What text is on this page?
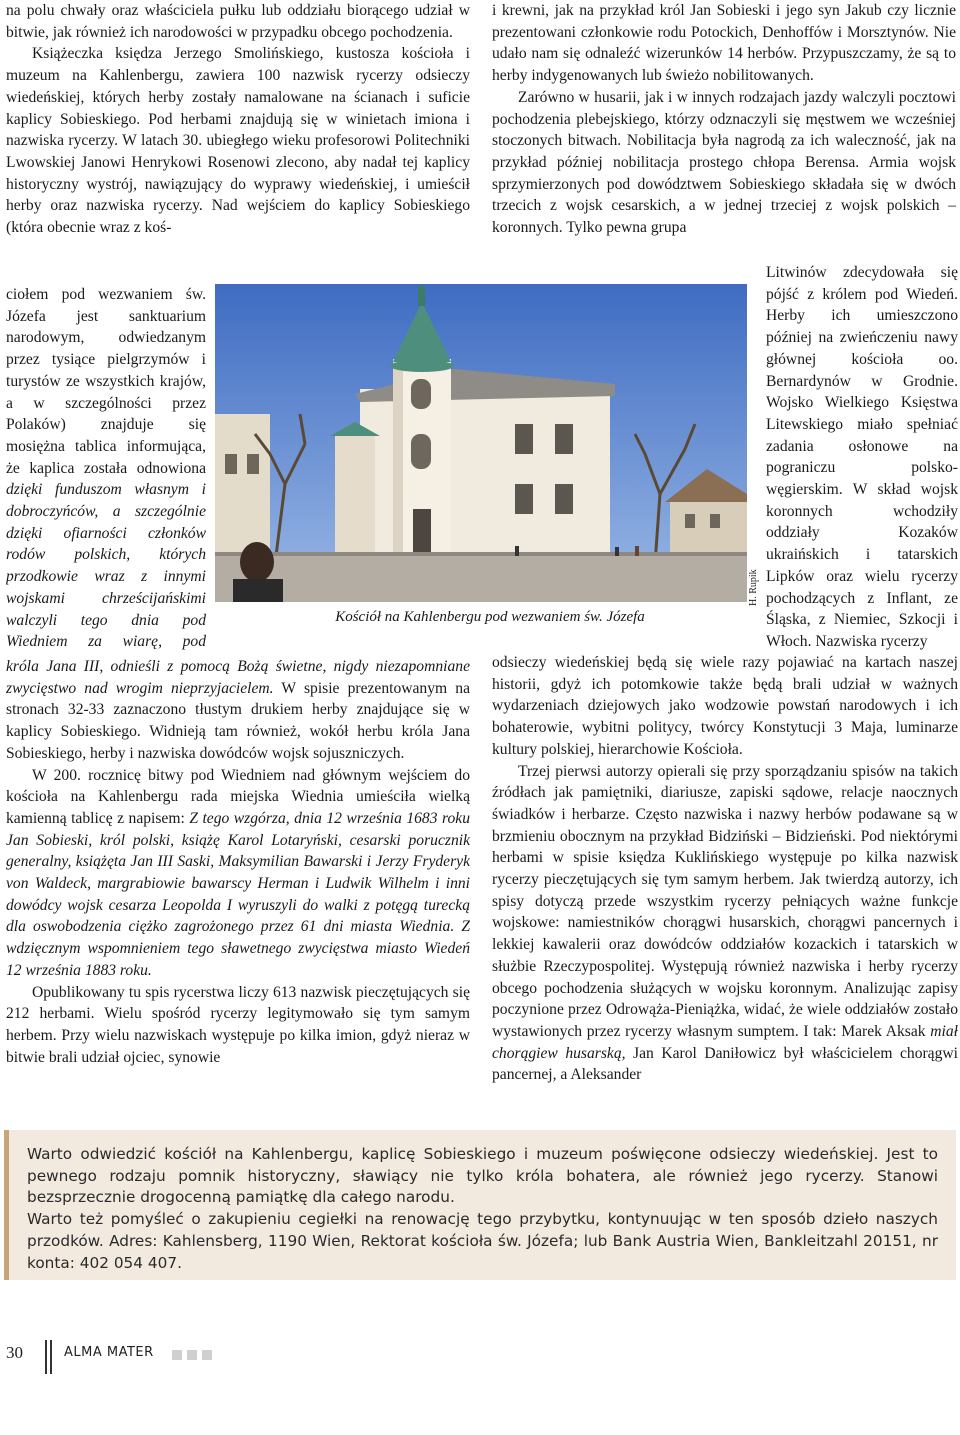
na polu chwały oraz właściciela pułku lub oddziału biorącego udział w bitwie, jak również ich narodowości w przypadku obcego pochodzenia.

Książeczka księdza Jerzego Smolińskiego, kustosza kościoła i muzeum na Kahlenbergu, zawiera 100 nazwisk rycerzy odsieczy wiedeńskiej, których herby zostały namalowane na ścianach i suficie kaplicy Sobieskiego. Pod herbami znajdują się w winietach imiona i nazwiska rycerzy. W latach 30. ubiegłego wieku profesorowi Politechniki Lwowskiej Janowi Henrykowi Rosenowi zlecono, aby nadał tej kaplicy historyczny wystrój, nawiązujący do wyprawy wiedeńskiej, i umieścił herby oraz nazwiska rycerzy. Nad wejściem do kaplicy Sobieskiego (która obecnie wraz z koś-

ciołem pod wezwaniem św. Józefa jest sanktuarium narodowym, odwiedzanym przez tysiące pielgrzymów i turystów ze wszystkich krajów, a w szczególności przez Polaków) znajduje się mosiężna tablica informująca, że kaplica została odnowiona dzięki funduszom własnym i dobroczyńców, a szczególnie dzięki ofiarności członków rodów polskich, których przodkowie wraz z innymi wojskami chrześcijańskimi walczyli tego dnia pod Wiedniem za wiarę, pod

króla Jana III, odnieśli z pomocą Bożą świetne, nigdy niezapomniane zwycięstwo nad wrogim nieprzyjacielem. W spisie prezentowanym na stronach 32-33 zaznaczono tłustym drukiem herby znajdujące się w kaplicy Sobieskiego. Widnieją tam również, wokół herbu króla Jana Sobieskiego, herby i nazwiska dowódców wojsk sojuszniczych.

W 200. rocznicę bitwy pod Wiedniem nad głównym wejściem do kościoła na Kahlenbergu rada miejska Wiednia umieściła wielką kamienną tablicę z napisem: Z tego wzgórza, dnia 12 września 1683 roku Jan Sobieski, król polski, książę Karol Lotaryński, cesarski porucznik generalny, książęta Jan III Saski, Maksymilian Bawarski i Jerzy Fryderyk von Waldeck, margrabiowie bawarscy Herman i Ludwik Wilhelm i inni dowódcy wojsk cesarza Leopolda I wyruszyli do walki z potęgą turecką dla oswobodzenia ciężko zagrożonego przez 61 dni miasta Wiednia. Z wdzięcznym wspomnieniem tego sławetnego zwycięstwa miasto Wiedeń 12 września 1883 roku.

Opublikowany tu spis rycerstwa liczy 613 nazwisk pieczętujących się 212 herbami. Wielu spośród rycerzy legitymowało się tym samym herbem. Przy wielu nazwiskach występuje po kilka imion, gdyż nieraz w bitwie brali udział ojciec, synowie

i krewni, jak na przykład król Jan Sobieski i jego syn Jakub czy licznie prezentowani członkowie rodu Potockich, Denhoffów i Morsztynów. Nie udało nam się odnaleźć wizerunków 14 herbów. Przypuszczamy, że są to herby indygenowanych lub świeżo nobilitowanych.

Zarówno w husarii, jak i w innych rodzajach jazdy walczyli pocztowi pochodzenia plebejskiego, którzy odznaczyli się męstwem we wcześniej stoczonych bitwach. Nobilitacja była nagrodą za ich waleczność, jak na przykład później nobilitacja prostego chłopa Berensa. Armia wojsk sprzymierzonych pod dowództwem Sobieskiego składała się w dwóch trzecich z wojsk cesarskich, a w jednej trzeciej z wojsk polskich – koronnych. Tylko pewna grupa

Litwinów zdecydowała się pójść z królem pod Wiedeń. Herby ich umieszczono później na zwieńczeniu nawy głównej kościoła oo. Bernardynów w Grodnie. Wojsko Wielkiego Księstwa Litewskiego miało spełniać zadania osłonowe na pograniczu polsko-węgierskim. W skład wojsk koronnych wchodziły oddziały Kozaków ukraińskich i tatarskich Lipków oraz wielu rycerzy pochodzących z Inflant, ze Śląska, z Niemiec, Szkocji i Włoch. Nazwiska rycerzy

odsieczy wiedeńskiej będą się wiele razy pojawiać na kartach naszej historii, gdyż ich potomkowie także będą brali udział w ważnych wydarzeniach dziejowych jako wodzowie powstań narodowych i ich bohaterowie, wybitni politycy, twórcy Konstytucji 3 Maja, luminarze kultury polskiej, hierarchowie Kościoła.

Trzej pierwsi autorzy opierali się przy sporządzaniu spisów na takich źródłach jak pamiętniki, diariusze, zapiski sądowe, relacje naocznych świadków i herbarze. Często nazwiska i nazwy herbów podawane są w brzmieniu obocznym na przykład Bidziński – Bidzieński. Pod niektórymi herbami w spisie księdza Kuklińskiego występuje po kilka nazwisk rycerzy pieczętujących się tym samym herbem. Jak twierdzą autorzy, ich spisy dotyczą przede wszystkim rycerzy pełniących ważne funkcje wojskowe: namiestników chorągwi husarskich, chorągwi pancernych i lekkiej kawalerii oraz dowódców oddziałów kozackich i tatarskich w służbie Rzeczypospolitej. Występują również nazwiska i herby rycerzy obcego pochodzenia służących w wojsku koronnym. Analizując zapisy poczynione przez Odrowąża-Pieniążka, widać, że wiele oddziałów zostało wystawionych przez rycerzy własnym sumptem. I tak: Marek Aksak miał chorągiew husarską, Jan Karol Daniłowicz był właścicielem chorągwi pancernej, a Aleksander

H. Rupik
Kościół na Kahlenbergu pod wezwaniem św. Józefa

Warto odwiedzić kościół na Kahlenbergu, kaplicę Sobieskiego i muzeum poświęcone odsieczy wiedeńskiej. Jest to pewnego rodzaju pomnik historyczny, sławiący nie tylko króla bohatera, ale również jego rycerzy. Stanowi bezsprzecznie drogocenną pamiątkę dla całego narodu.

Warto też pomyśleć o zakupieniu cegiełki na renowację tego przybytku, kontynuując w ten sposób dzieło naszych przodków. Adres: Kahlensberg, 1190 Wien, Rektorat kościoła św. Józefa; lub Bank Austria Wien, Bankleitzahl 20151, nr konta: 402 054 407.

30	ALMA MATER
